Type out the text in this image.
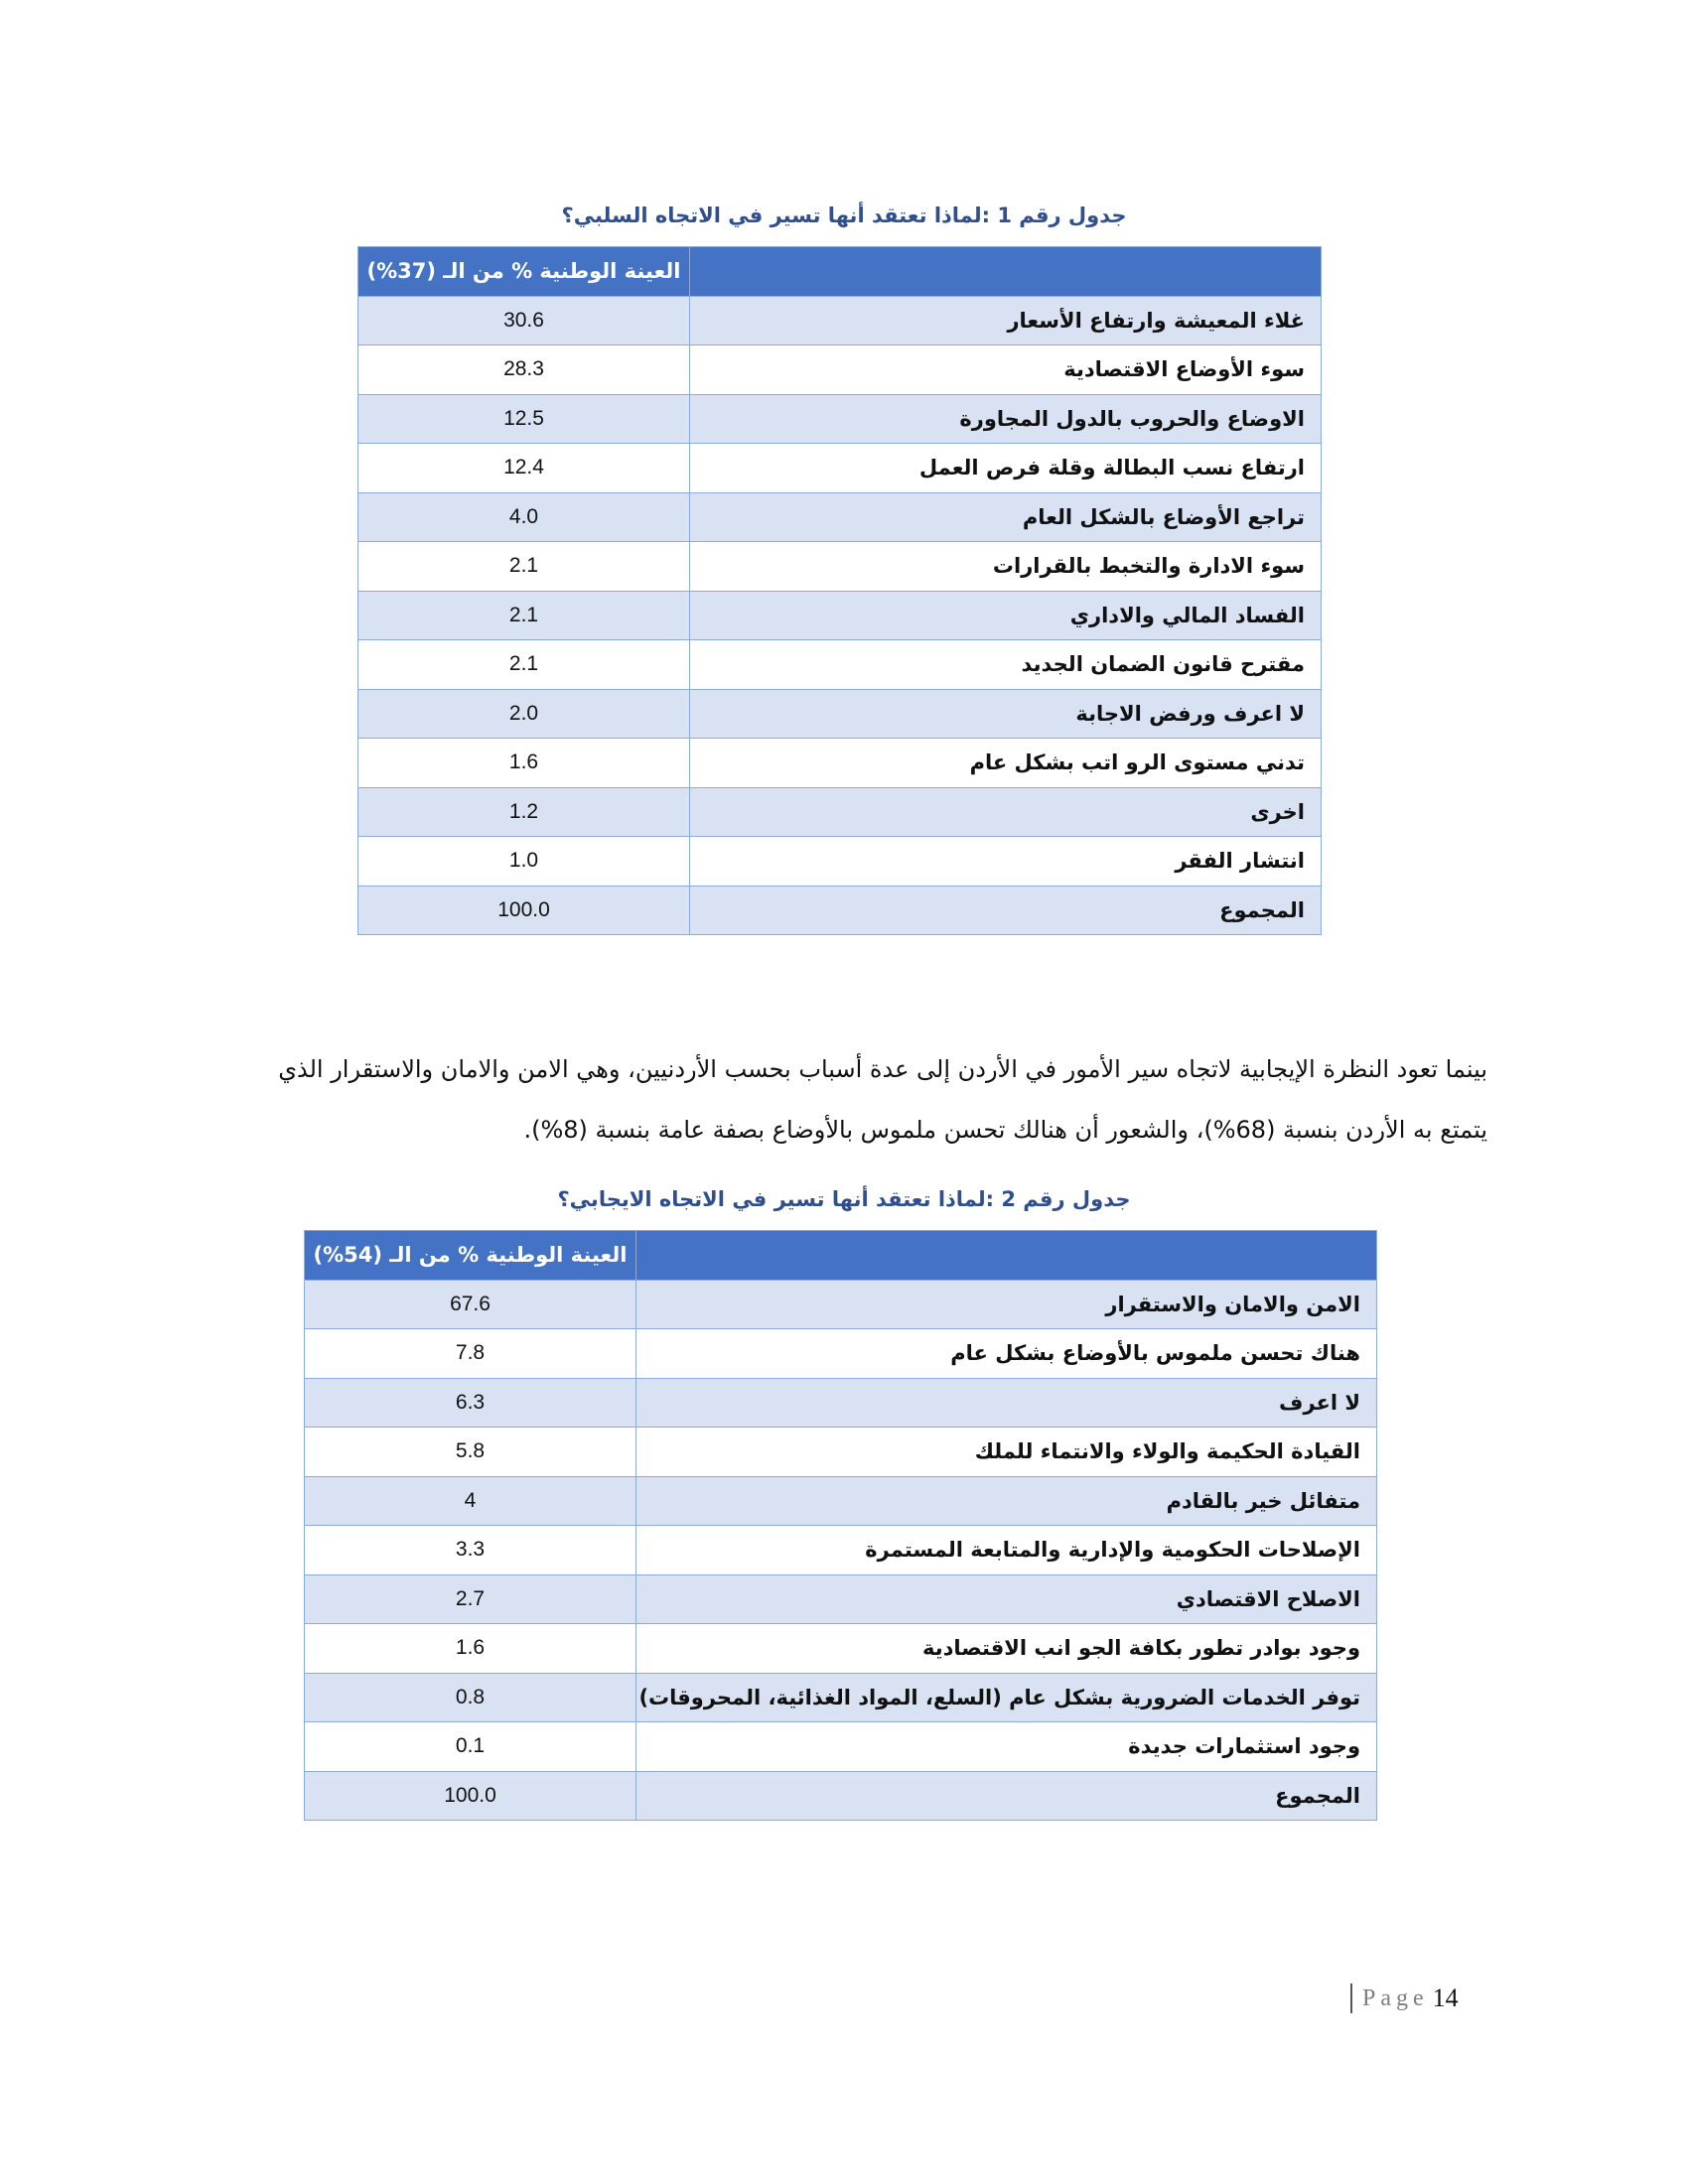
جدول رقم 1 :لماذا تعتقد أنها تسير في الاتجاه السلبي؟
	العينة الوطنية % من الـ (37%)
غلاء المعيشة وارتفاع الأسعار	30.6
سوء الأوضاع الاقتصادية	28.3
الاوضاع والحروب بالدول المجاورة	12.5
ارتفاع نسب البطالة وقلة فرص العمل	12.4
تراجع الأوضاع بالشكل العام	4.0
سوء الادارة والتخبط بالقرارات	2.1
الفساد المالي والاداري	2.1
مقترح قانون الضمان الجديد	2.1
لا اعرف ورفض الاجابة	2.0
تدني مستوى الرو اتب بشكل عام	1.6
اخرى	1.2
انتشار الفقر	1.0
المجموع	100.0

بينما تعود النظرة الإيجابية لاتجاه سير الأمور في الأردن إلى عدة أسباب بحسب الأردنيين، وهي الامن والامان والاستقرار الذي

يتمتع به الأردن بنسبة (68%)، والشعور أن هنالك تحسن ملموس بالأوضاع بصفة عامة بنسبة (8%).

جدول رقم 2 :لماذا تعتقد أنها تسير في الاتجاه الايجابي؟
	العينة الوطنية % من الـ (54%)
الامن والامان والاستقرار	67.6
هناك تحسن ملموس بالأوضاع بشكل عام	7.8
لا اعرف	6.3
القيادة الحكيمة والولاء والانتماء للملك	5.8
متفائل خير بالقادم	4
الإصلاحات الحكومية والإدارية والمتابعة المستمرة	3.3
الاصلاح الاقتصادي	2.7
وجود بوادر تطور بكافة الجو انب الاقتصادية	1.6
توفر الخدمات الضرورية بشكل عام (السلع، المواد الغذائية، المحروقات)	0.8
وجود استثمارات جديدة	0.1
المجموع	100.0
Page 14
